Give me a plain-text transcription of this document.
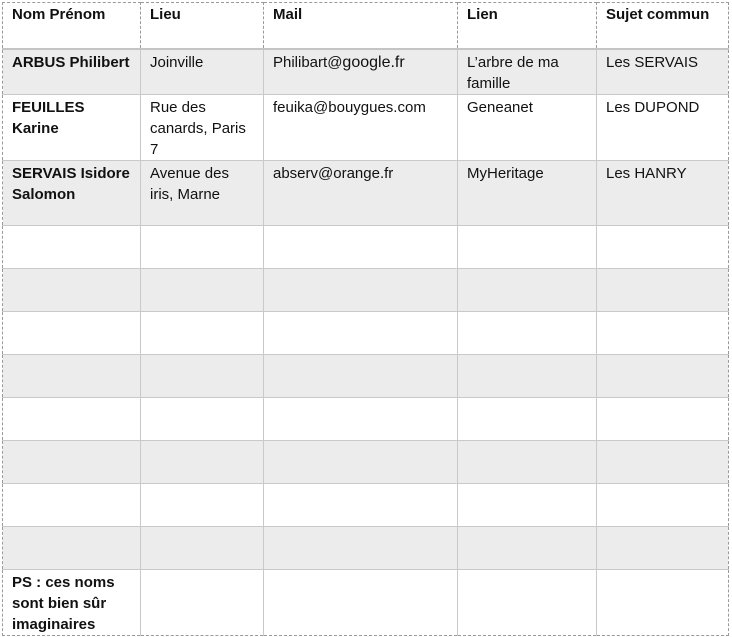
Nom Prénom	Lieu	Mail	Lien	Sujet commun
ARBUS Philibert	Joinville	Philibart@google.fr	L’arbre de ma famille	Les SERVAIS
FEUILLES Karine	Rue des canards, Paris 7	feuika@bouygues.com	Geneanet	Les DUPOND
SERVAIS Isidore Salomon	Avenue des iris, Marne	abserv@orange.fr	MyHeritage	Les HANRY

PS : ces noms sont bien sûr imaginaires				
